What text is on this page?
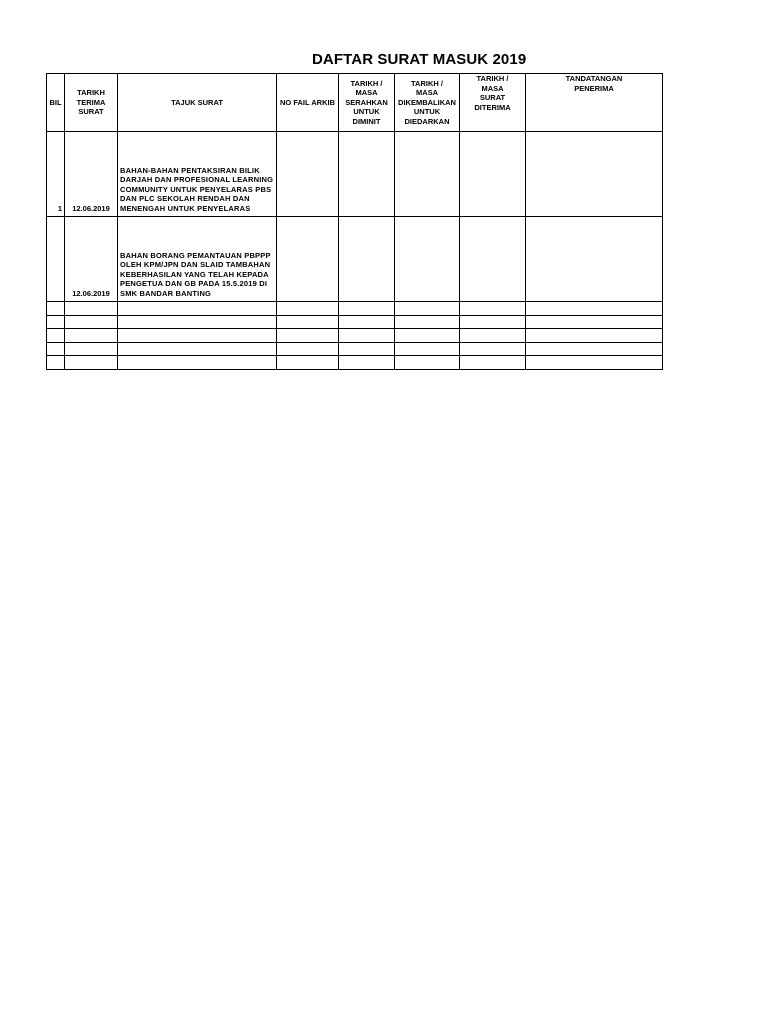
DAFTAR SURAT MASUK 2019
BIL	TARIKH
TERIMA
SURAT	TAJUK SURAT	NO FAIL ARKIB	TARIKH /
MASA
SERAHKAN
UNTUK
DIMINIT	TARIKH /
MASA
DIKEMBALIKAN
UNTUK
DIEDARKAN	TARIKH /
MASA
SURAT
DITERIMA	TANDATANGAN
PENERIMA
1	12.06.2019	BAHAN-BAHAN PENTAKSIRAN BILIK DARJAH DAN PROFESIONAL LEARNING COMMUNITY UNTUK PENYELARAS PBS DAN PLC SEKOLAH RENDAH DAN MENENGAH UNTUK PENYELARAS					
	12.06.2019	BAHAN BORANG PEMANTAUAN PBPPP OLEH KPM/JPN DAN SLAID TAMBAHAN KEBERHASILAN YANG TELAH KEPADA PENGETUA DAN GB PADA 15.5.2019 DI SMK BANDAR BANTING					
